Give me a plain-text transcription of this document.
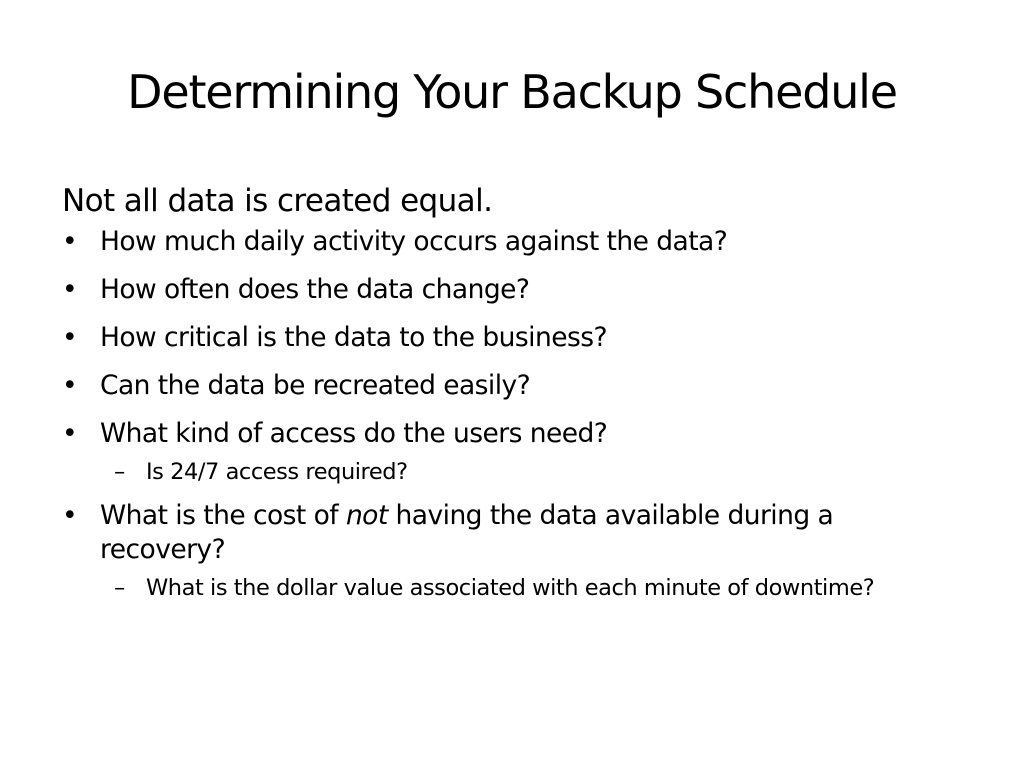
Determining Your Backup Schedule

Not all data is created equal.

• How much daily activity occurs against the data?
• How often does the data change?
• How critical is the data to the business?
• Can the data be recreated easily?
• What kind of access do the users need?
– Is 24/7 access required?
• What is the cost of not having the data available during a recovery?
– What is the dollar value associated with each minute of downtime?
